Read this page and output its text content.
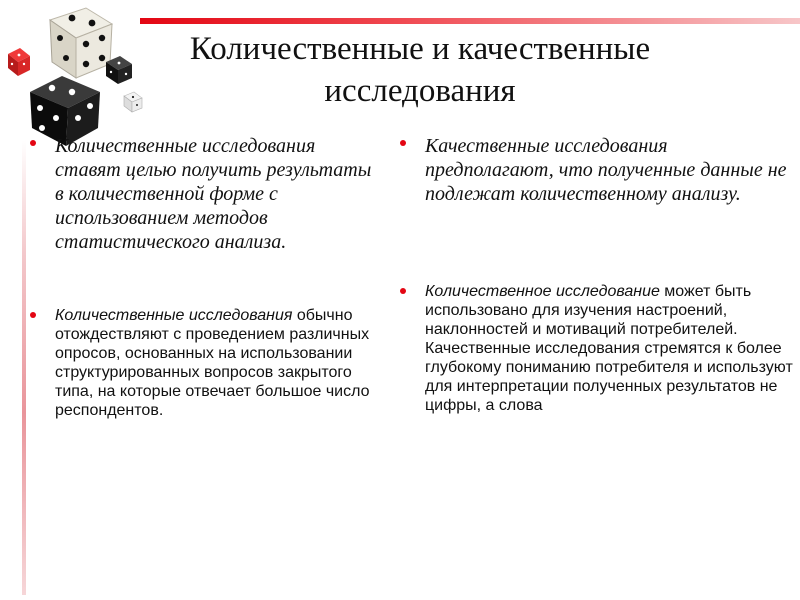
Количественные и качественные
исследования
Количественные исследования ставят целью получить результаты в количественной форме с использованием методов статистического анализа.
Количественные исследования обычно отождествляют с проведением различных опросов, основанных на использовании структурированных вопросов закрытого типа, на которые отвечает большое число респондентов.
Качественные исследования предполагают, что полученные данные не подлежат количественному анализу.
Количественное исследование может быть использовано для изучения настроений, наклонностей и мотиваций потребителей. Качественные исследования стремятся к более глубокому пониманию потребителя и используют для интерпретации полученных результатов не цифры, а слова
